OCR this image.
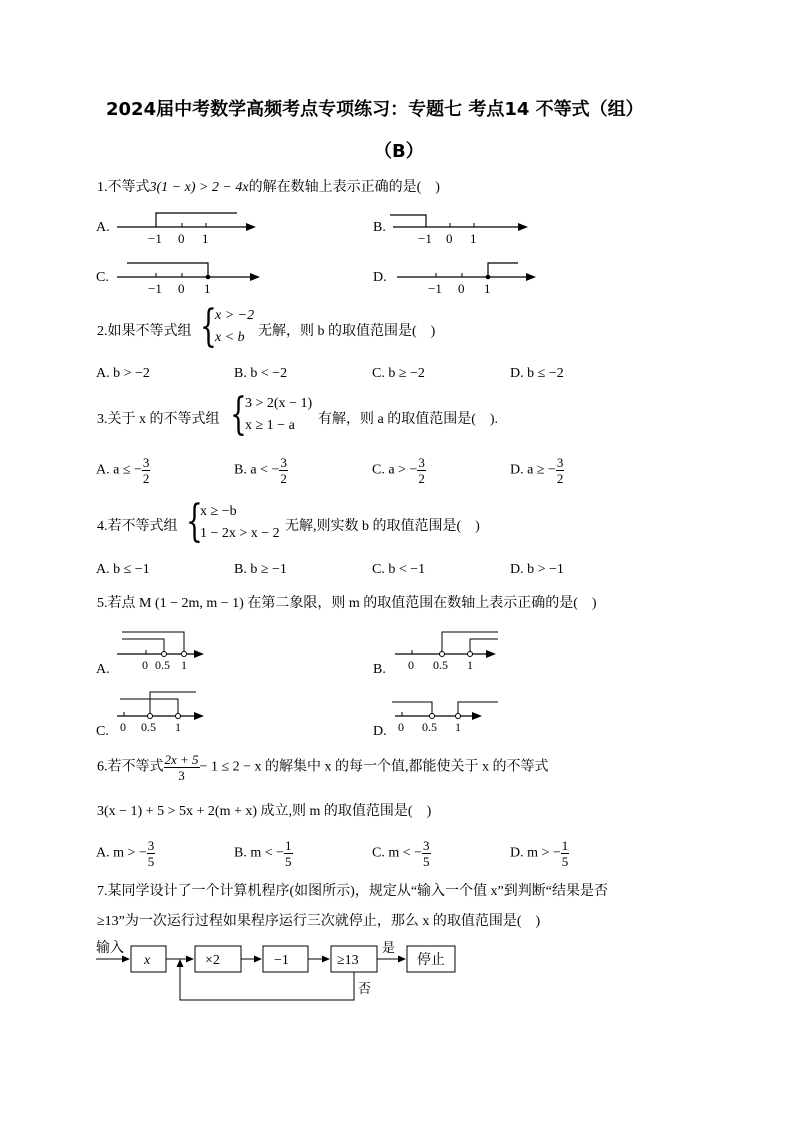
2024届中考数学高频考点专项练习：专题七 考点14 不等式（组）
（B）
1.不等式3(1 − x) > 2 − 4x的解在数轴上表示正确的是(　)
A.
−1 0 1
B.
−1 0 1
C.
−1 0 1
D.
−1 0 1
2.如果不等式组 {
x > −2
x < b 无解，则 b 的取值范围是(　)
A. b > −2	B. b < −2	C. b ≥ −2	D. b ≤ −2
3.关于 x 的不等式组 {
3 > 2(x − 1)
x ≥ 1 − a 有解，则 a 的取值范围是(　).
A. a ≤ − $\frac{3}{2}$	B. a < − $\frac{3}{2}$	C. a > − $\frac{3}{2}$	D. a ≥ − $\frac{3}{2}$
4.若不等式组 {
x ≥ −b
1 − 2x > x − 2 无解,则实数 b 的取值范围是(　)
A. b ≤ −1	B. b ≥ −1	C. b < −1	D. b > −1
5.若点 M (1 − 2m, m − 1) 在第二象限，则 m 的取值范围在数轴上表示正确的是(　)
A.	0 0.5 1	B. 0 0.5 1
C. 0 0.5 1	D. 0 0.5 1
6.若不等式 $\frac{2x + 5}{3} - 1 \le 2 - x$ 的解集中 x 的每一个值,都能使关于 x 的不等式
3(x − 1) + 5 > 5x + 2(m + x) 成立,则 m 的取值范围是(　)
A. m > − $\frac{3}{5}$	B. m < − $\frac{1}{5}$	C. m < − $\frac{3}{5}$	D. m > − $\frac{1}{5}$
7.某同学设计了一个计算机程序(如图所示)，规定从“输入一个值 x”到判断“结果是否
≥13”为一次运行过程如果程序运行三次就停止，那么 x 的取值范围是(　)
输入
x	×2	−1	≥13
是
停止
否
